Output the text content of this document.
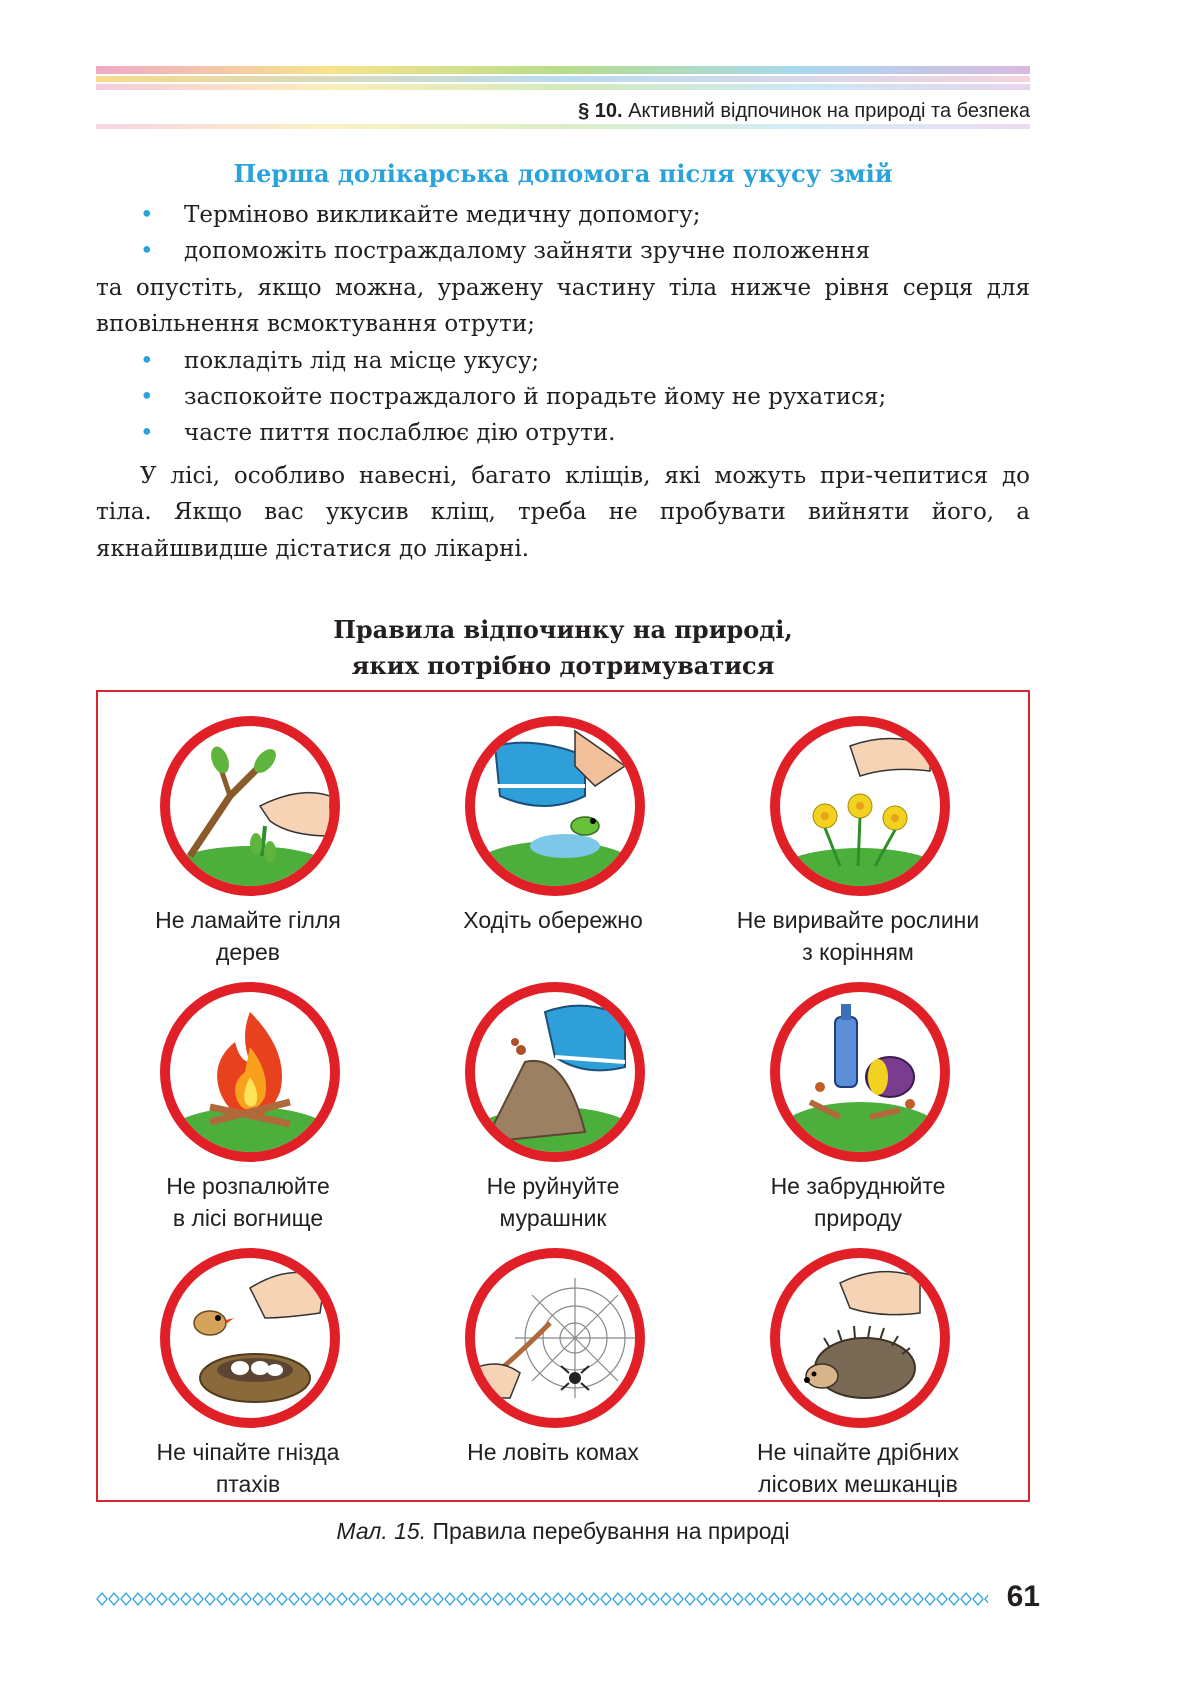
§ 10. Активний відпочинок на природі та безпека
Перша долікарська допомога після укусу змій

• Терміново викликайте медичну допомогу;

• допоможіть постраждалому зайняти зручне положення

та опустіть, якщо можна, уражену частину тіла нижче рівня серця для вповільнення всмоктування отрути;

• покладіть лід на місце укусу;

• заспокойте постраждалого й порадьте йому не рухатися;

• часте пиття послаблює дію отрути.

У лісі, особливо навесні, багато кліщів, які можуть при-чепитися до тіла. Якщо вас укусив кліщ, треба не пробувати вийняти його, а якнайшвидше дістатися до лікарні.

Правила відпочинку на природі,
яких потрібно дотримуватися
Не ламайте гілля
дерев
Ходіть обережно	Не виривайте рослини
з корінням
Не розпалюйте
в лісі вогнище
Не руйнуйте
мурашник
Не забруднюйте
природу
Не чіпайте гнізда
птахів
Не ловіть комах	Не чіпайте дрібних
лісових мешканців
Мал. 15. Правила перебування на природі
61
